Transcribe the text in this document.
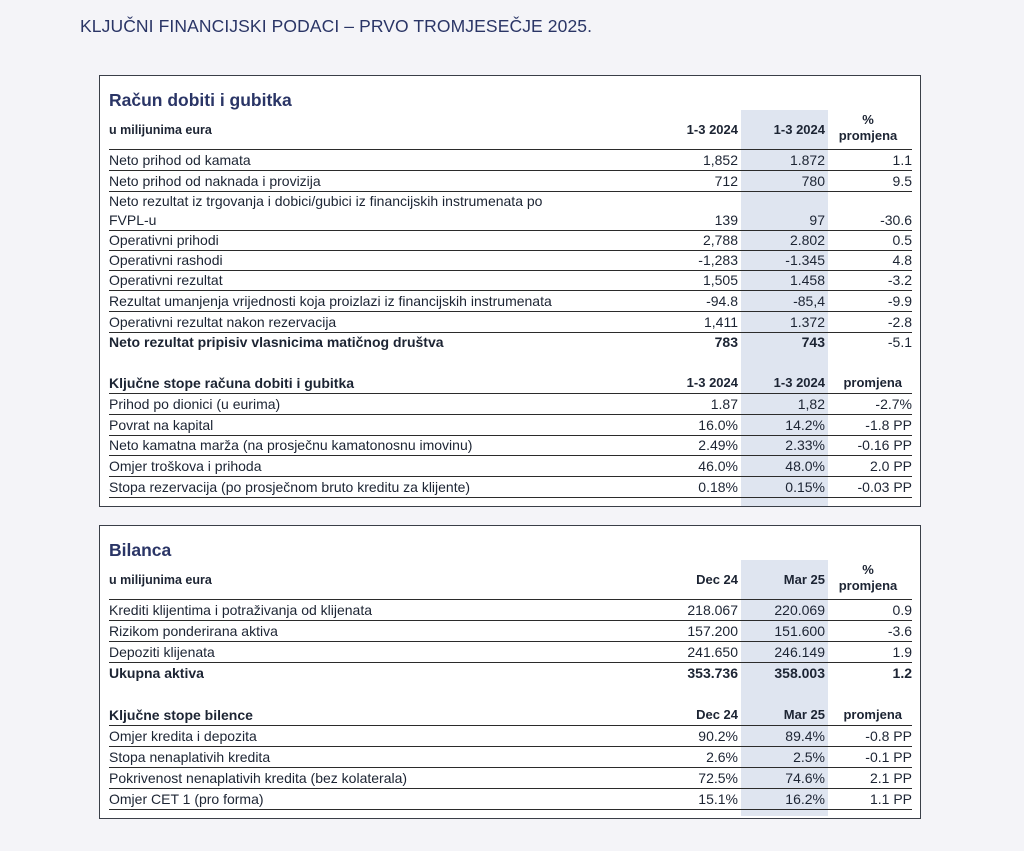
KLJUČNI FINANCIJSKI PODACI – PRVO TROMJESEČJE 2025.
Račun dobiti i gubitka
u milijunima eura	1-3 2024	1-3 2024
%
promjena
Neto prihod od kamata	1,852	1.872	1.1
Neto prihod od naknada i provizija	712	780	9.5
Neto rezultat iz trgovanja i dobici/gubici iz financijskih instrumenata po
FVPL-u	139	97	-30.6
Operativni prihodi	2,788	2.802	0.5
Operativni rashodi	-1,283	-1.345	4.8
Operativni rezultat	1,505	1.458	-3.2
Rezultat umanjenja vrijednosti koja proizlazi iz financijskih instrumenata	-94.8	-85,4	-9.9
Operativni rezultat nakon rezervacija	1,411	1.372	-2.8
Neto rezultat pripisiv vlasnicima matičnog društva	783	743	-5.1
Ključne stope računa dobiti i gubitka	1-3 2024	1-3 2024	promjena
Prihod po dionici (u eurima)	1.87	1,82	-2.7%
Povrat na kapital	16.0%	14.2%	-1.8 PP
Neto kamatna marža (na prosječnu kamatonosnu imovinu)	2.49%	2.33%	-0.16 PP
Omjer troškova i prihoda	46.0%	48.0%	2.0 PP
Stopa rezervacija (po prosječnom bruto kreditu za klijente)	0.18%	0.15%	-0.03 PP
Bilanca
u milijunima eura	Dec 24	Mar 25
%
promjena
Krediti klijentima i potraživanja od klijenata	218.067	220.069	0.9
Rizikom ponderirana aktiva	157.200	151.600	-3.6
Depoziti klijenata	241.650	246.149	1.9
Ukupna aktiva	353.736	358.003	1.2
Ključne stope bilence	Dec 24	Mar 25	promjena
Omjer kredita i depozita	90.2%	89.4%	-0.8 PP
Stopa nenaplativih kredita	2.6%	2.5%	-0.1 PP
Pokrivenost nenaplativih kredita (bez kolaterala)	72.5%	74.6%	2.1 PP
Omjer CET 1 (pro forma)	15.1%	16.2%	1.1 PP
